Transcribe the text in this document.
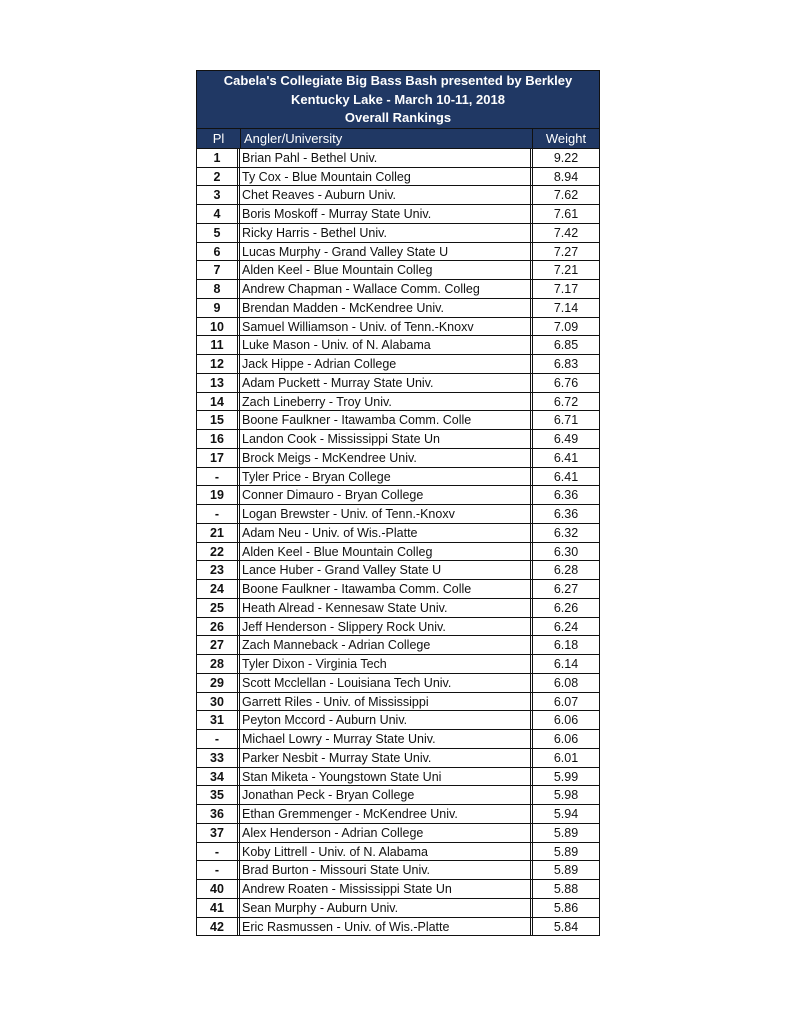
Cabela's Collegiate Big Bass Bash presented by Berkley
Kentucky Lake - March 10-11, 2018
Overall Rankings
Pl	Angler/University	Weight
1	Brian Pahl - Bethel Univ.	9.22
2	Ty Cox - Blue Mountain Colleg	8.94
3	Chet Reaves - Auburn Univ.	7.62
4	Boris Moskoff - Murray State Univ.	7.61
5	Ricky Harris - Bethel Univ.	7.42
6	Lucas Murphy - Grand Valley State U	7.27
7	Alden Keel - Blue Mountain Colleg	7.21
8	Andrew Chapman - Wallace Comm. Colleg	7.17
9	Brendan Madden - McKendree Univ.	7.14
10	Samuel Williamson - Univ. of Tenn.-Knoxv	7.09
11	Luke Mason - Univ. of N. Alabama	6.85
12	Jack Hippe - Adrian College	6.83
13	Adam Puckett - Murray State Univ.	6.76
14	Zach Lineberry - Troy Univ.	6.72
15	Boone Faulkner - Itawamba Comm. Colle	6.71
16	Landon Cook - Mississippi State Un	6.49
17	Brock Meigs - McKendree Univ.	6.41
-	Tyler Price - Bryan College	6.41
19	Conner Dimauro - Bryan College	6.36
-	Logan Brewster - Univ. of Tenn.-Knoxv	6.36
21	Adam Neu - Univ. of Wis.-Platte	6.32
22	Alden Keel - Blue Mountain Colleg	6.30
23	Lance Huber - Grand Valley State U	6.28
24	Boone Faulkner - Itawamba Comm. Colle	6.27
25	Heath Alread - Kennesaw State Univ.	6.26
26	Jeff Henderson - Slippery Rock Univ.	6.24
27	Zach Manneback - Adrian College	6.18
28	Tyler Dixon - Virginia Tech	6.14
29	Scott Mcclellan - Louisiana Tech Univ.	6.08
30	Garrett Riles - Univ. of Mississippi	6.07
31	Peyton Mccord - Auburn Univ.	6.06
-	Michael Lowry - Murray State Univ.	6.06
33	Parker Nesbit - Murray State Univ.	6.01
34	Stan Miketa - Youngstown State Uni	5.99
35	Jonathan Peck - Bryan College	5.98
36	Ethan Gremmenger - McKendree Univ.	5.94
37	Alex Henderson - Adrian College	5.89
-	Koby Littrell - Univ. of N. Alabama	5.89
-	Brad Burton - Missouri State Univ.	5.89
40	Andrew Roaten - Mississippi State Un	5.88
41	Sean Murphy - Auburn Univ.	5.86
42	Eric Rasmussen - Univ. of Wis.-Platte	5.84
